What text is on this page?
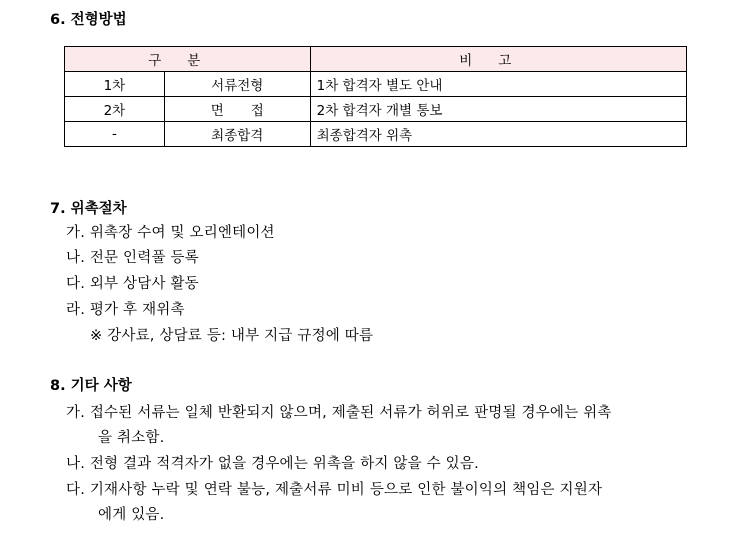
6. 전형방법
구분		비고
1차	서류전형	1차 합격자 별도 안내
2차	면　　접	2차 합격자 개별 통보
-	최종합격	최종합격자 위촉
7. 위촉절차
가. 위촉장 수여 및 오리엔테이션
나. 전문 인력풀 등록
다. 외부 상담사 활동
라. 평가 후 재위촉
※ 강사료, 상담료 등: 내부 지급 규정에 따름
8. 기타 사항
가. 접수된 서류는 일체 반환되지 않으며, 제출된 서류가 허위로 판명될 경우에는 위촉
을 취소함.
나. 전형 결과 적격자가 없을 경우에는 위촉을 하지 않을 수 있음.
다. 기재사항 누락 및 연락 불능, 제출서류 미비 등으로 인한 불이익의 책임은 지원자
에게 있음.
